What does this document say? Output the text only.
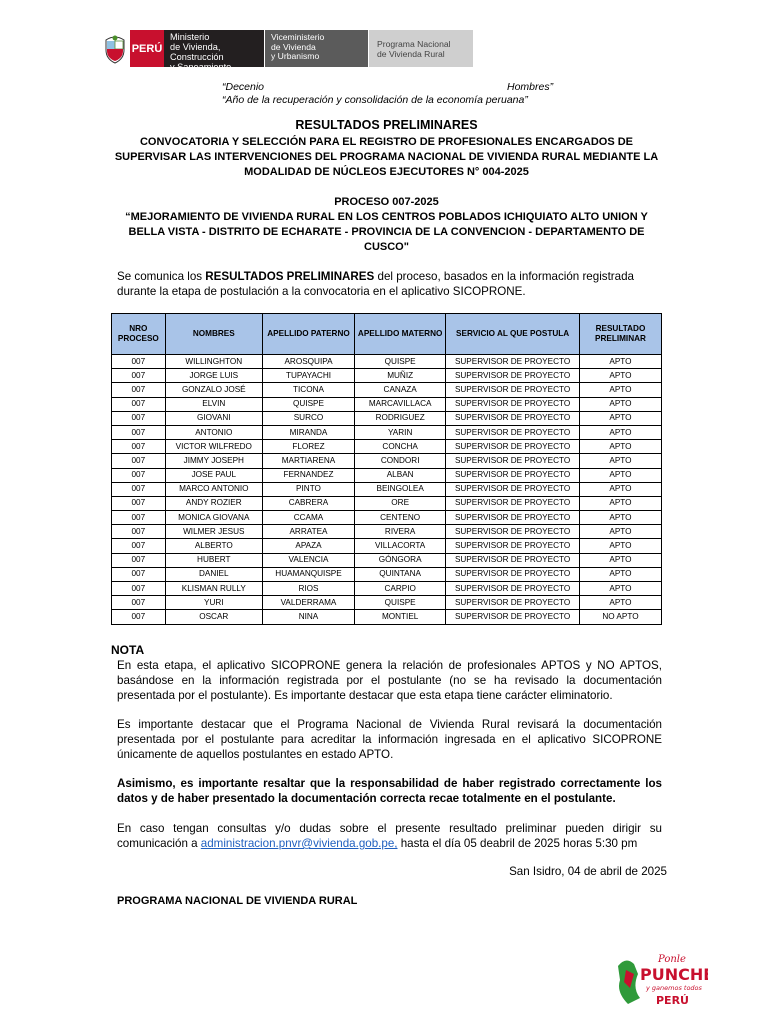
PERÚ
Ministerio
de Vivienda, Construcción
y Saneamiento
Viceministerio
de Vivienda
y Urbanismo
Programa Nacional
de Vivienda Rural
“Decenio	Hombres”
“Año de la recuperación y consolidación de la economía peruana”
RESULTADOS PRELIMINARES
CONVOCATORIA Y SELECCIÓN PARA EL REGISTRO DE PROFESIONALES ENCARGADOS DE SUPERVISAR LAS INTERVENCIONES DEL PROGRAMA NACIONAL DE VIVIENDA RURAL MEDIANTE LA MODALIDAD DE NÚCLEOS EJECUTORES N° 004-2025
PROCESO 007-2025
“MEJORAMIENTO DE VIVIENDA RURAL EN LOS CENTROS POBLADOS ICHIQUIATO ALTO UNION Y BELLA VISTA - DISTRITO DE ECHARATE - PROVINCIA DE LA CONVENCION - DEPARTAMENTO DE CUSCO"

Se comunica los RESULTADOS PRELIMINARES del proceso, basados en la información registrada durante la etapa de postulación a la convocatoria en el aplicativo SICOPRONE.

NRO PROCESO	NOMBRES	APELLIDO PATERNO	APELLIDO MATERNO	SERVICIO AL QUE POSTULA	RESULTADO PRELIMINAR
007	WILLINGHTON	AROSQUIPA	QUISPE	SUPERVISOR DE PROYECTO	APTO
007	JORGE LUIS	TUPAYACHI	MUÑIZ	SUPERVISOR DE PROYECTO	APTO
007	GONZALO JOSÉ	TICONA	CANAZA	SUPERVISOR DE PROYECTO	APTO
007	ELVIN	QUISPE	MARCAVILLACA	SUPERVISOR DE PROYECTO	APTO
007	GIOVANI	SURCO	RODRIGUEZ	SUPERVISOR DE PROYECTO	APTO
007	ANTONIO	MIRANDA	YARIN	SUPERVISOR DE PROYECTO	APTO
007	VICTOR WILFREDO	FLOREZ	CONCHA	SUPERVISOR DE PROYECTO	APTO
007	JIMMY JOSEPH	MARTIARENA	CONDORI	SUPERVISOR DE PROYECTO	APTO
007	JOSE PAUL	FERNANDEZ	ALBAN	SUPERVISOR DE PROYECTO	APTO
007	MARCO ANTONIO	PINTO	BEINGOLEA	SUPERVISOR DE PROYECTO	APTO
007	ANDY ROZIER	CABRERA	ORE	SUPERVISOR DE PROYECTO	APTO
007	MONICA GIOVANA	CCAMA	CENTENO	SUPERVISOR DE PROYECTO	APTO
007	WILMER JESUS	ARRATEA	RIVERA	SUPERVISOR DE PROYECTO	APTO
007	ALBERTO	APAZA	VILLACORTA	SUPERVISOR DE PROYECTO	APTO
007	HUBERT	VALENCIA	GÓNGORA	SUPERVISOR DE PROYECTO	APTO
007	DANIEL	HUAMANQUISPE	QUINTANA	SUPERVISOR DE PROYECTO	APTO
007	KLISMAN RULLY	RIOS	CARPIO	SUPERVISOR DE PROYECTO	APTO
007	YURI	VALDERRAMA	QUISPE	SUPERVISOR DE PROYECTO	APTO
007	OSCAR	NINA	MONTIEL	SUPERVISOR DE PROYECTO	NO APTO
NOTA

En esta etapa, el aplicativo SICOPRONE genera la relación de profesionales APTOS y NO APTOS, basándose en la información registrada por el postulante (no se ha revisado la documentación presentada por el postulante). Es importante destacar que esta etapa tiene carácter eliminatorio.

Es importante destacar que el Programa Nacional de Vivienda Rural revisará la documentación presentada por el postulante para acreditar la información ingresada en el aplicativo SICOPRONE únicamente de aquellos postulantes en estado APTO.

Asimismo, es importante resaltar que la responsabilidad de haber registrado correctamente los datos y de haber presentado la documentación correcta recae totalmente en el postulante.

En caso tengan consultas y/o dudas sobre el presente resultado preliminar pueden dirigir su comunicación a administracion.pnvr@vivienda.gob.pe, hasta el día 05 deabril de 2025 horas 5:30 pm

San Isidro, 04 de abril de 2025
PROGRAMA NACIONAL DE VIVIENDA RURAL
Ponle
PUNCHE
y ganemos todos
PERÚ
